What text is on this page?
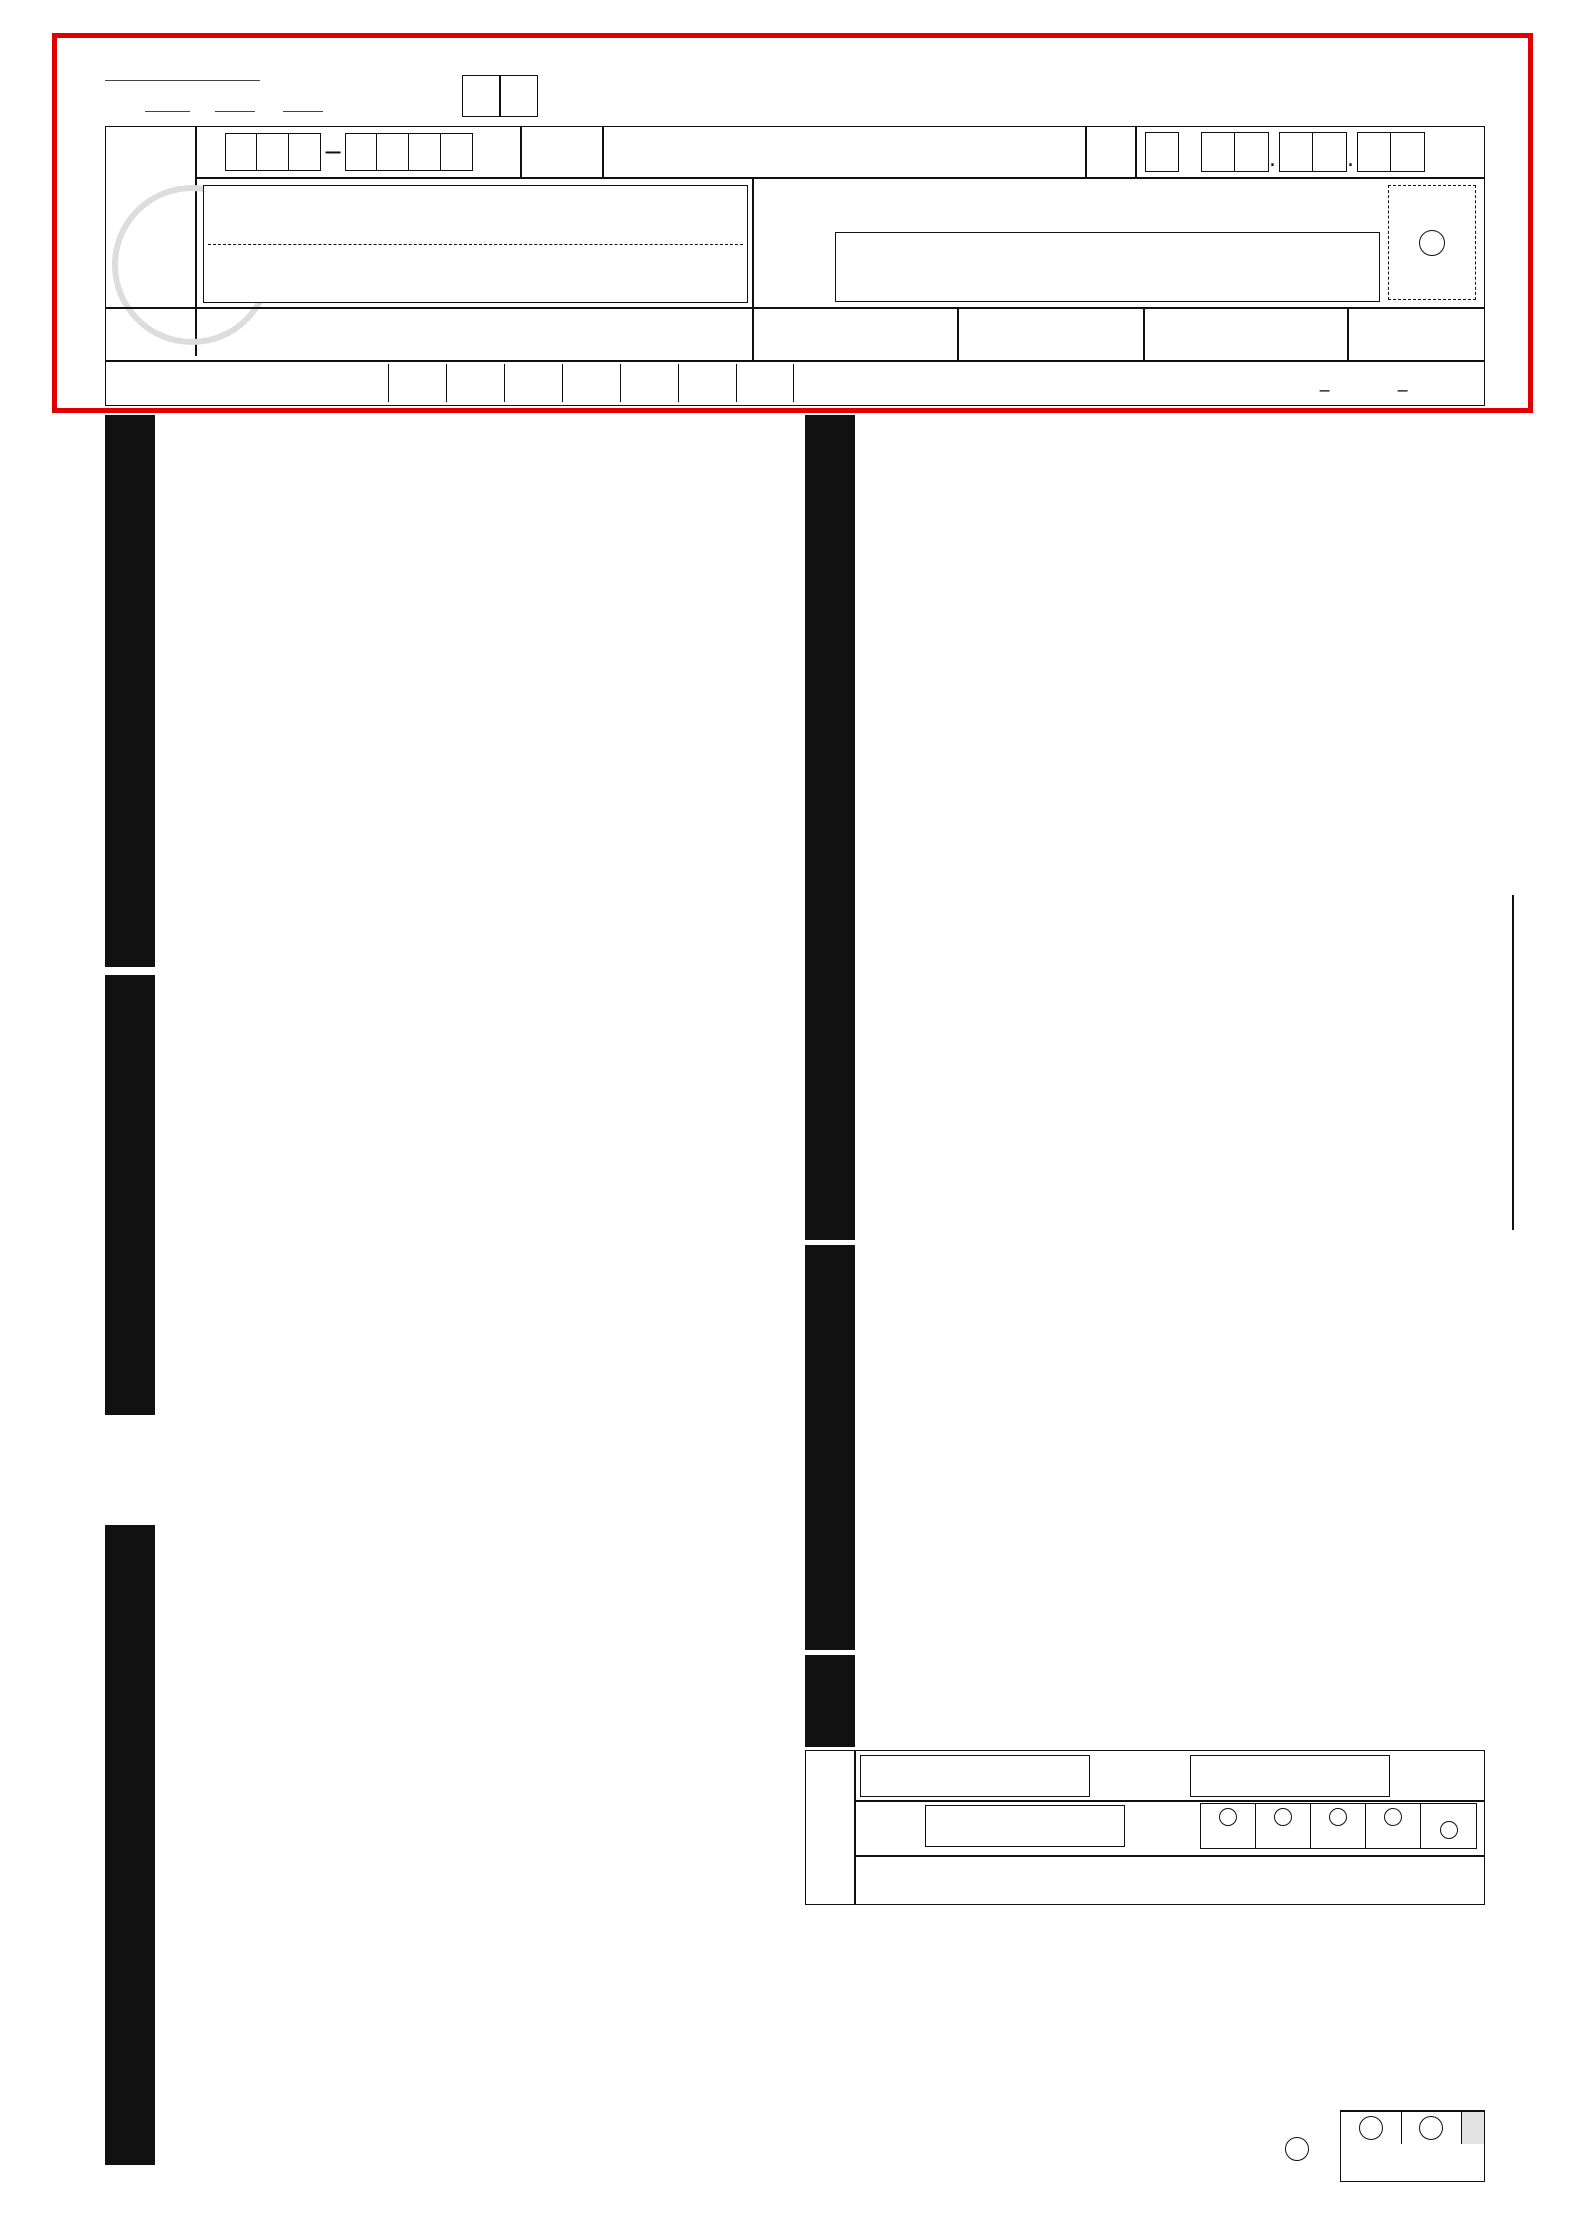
−	.	.
−	−
